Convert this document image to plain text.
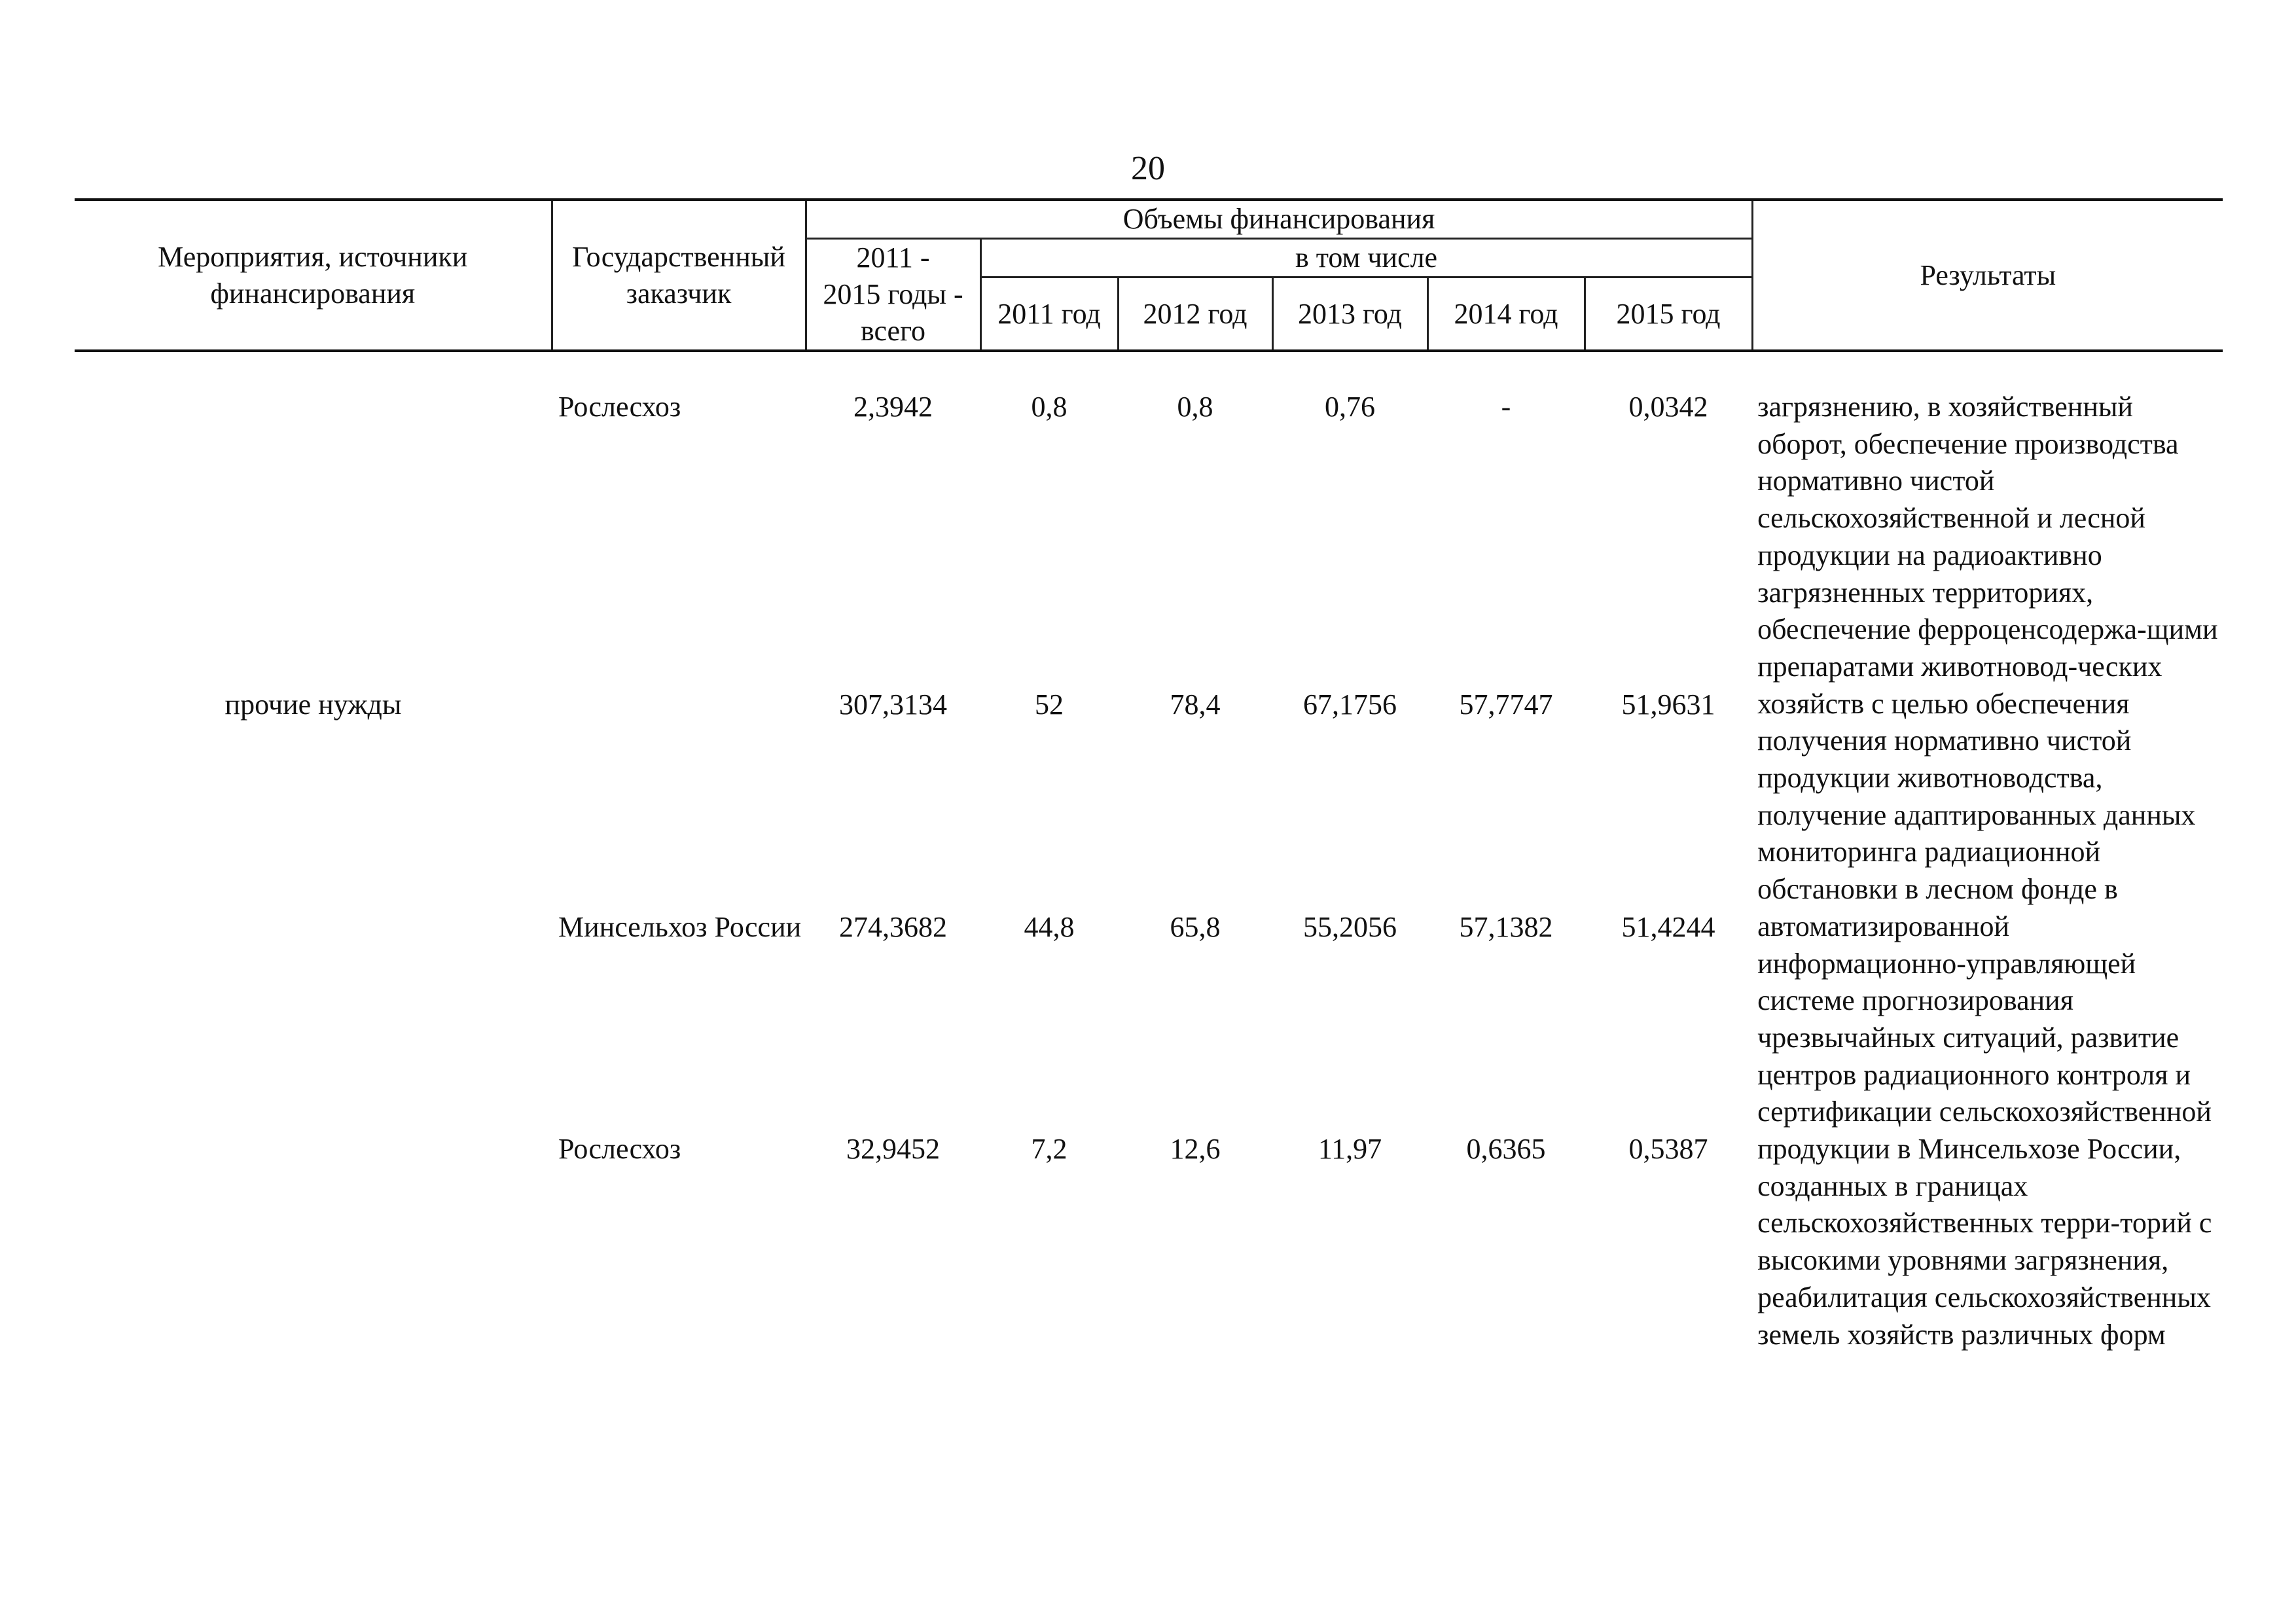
20
Мероприятия, источники финансирования	Государственный заказчик	Объемы финансирования						Результаты

		2011 -
2015 годы -
всего	в том числе					
			2011 год	2012 год	2013 год	2014 год	2015 год	
	Рослесхоз	2,3942	0,8	0,8	0,76	-	0,0342	загрязнению, в хозяйственный оборот, обеспечение производства нормативно чистой сельскохозяйственной и лесной продукции на радиоактивно загрязненных территориях, обеспечение ферроценсодержа-щими препаратами животновод-ческих хозяйств с целью обеспечения получения нормативно чистой продукции животноводства, получение адаптированных данных мониторинга радиационной обстановки в лесном фонде в автоматизированной информационно-управляющей системе прогнозирования чрезвычайных ситуаций, развитие центров радиационного контроля и сертификации сельскохозяйственной продукции в Минсельхозе России, созданных в границах сельскохозяйственных терри-торий с высокими уровнями загрязнения, реабилитация сельскохозяйственных земель хозяйств различных форм
прочие нужды		307,3134	52	78,4	67,1756	57,7747	51,9631	
	Минсельхоз России	274,3682	44,8	65,8	55,2056	57,1382	51,4244	
	Рослесхоз	32,9452	7,2	12,6	11,97	0,6365	0,5387	
